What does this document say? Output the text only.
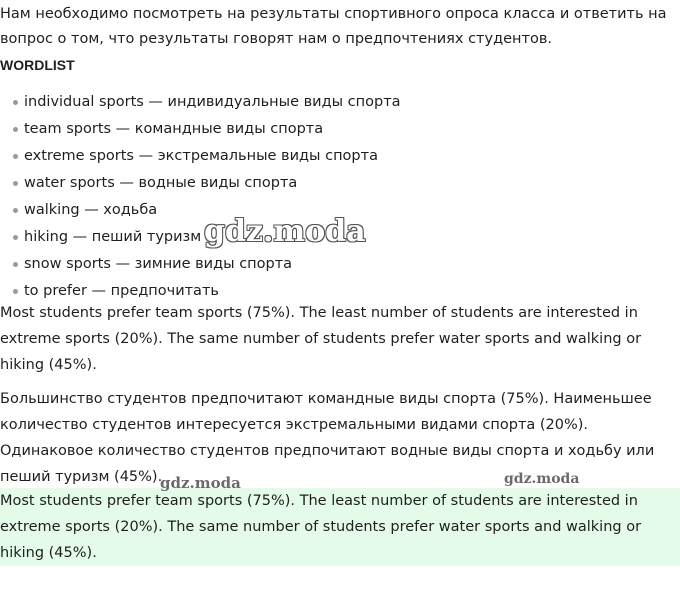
Нам необходимо посмотреть на результаты спортивного опроса класса и ответить на вопрос о том, что результаты говорят нам о предпочтениях студентов.

WORDLIST

individual sports — индивидуальные виды спорта
team sports — командные виды спорта
extreme sports — экстремальные виды спорта
water sports — водные виды спорта
walking — ходьба
hiking — пеший туризм
snow sports — зимние виды спорта
to prefer — предпочитать

Most students prefer team sports (75%). The least number of students are interested in extreme sports (20%). The same number of students prefer water sports and walking or hiking (45%).

Большинство студентов предпочитают командные виды спорта (75%). Наименьшее количество студентов интересуется экстремальными видами спорта (20%). Одинаковое количество студентов предпочитают водные виды спорта и ходьбу или пеший туризм (45%).

Most students prefer team sports (75%). The least number of students are interested in extreme sports (20%). The same number of students prefer water sports and walking or hiking (45%).

gdz.moda
gdz.moda	gdz.moda
